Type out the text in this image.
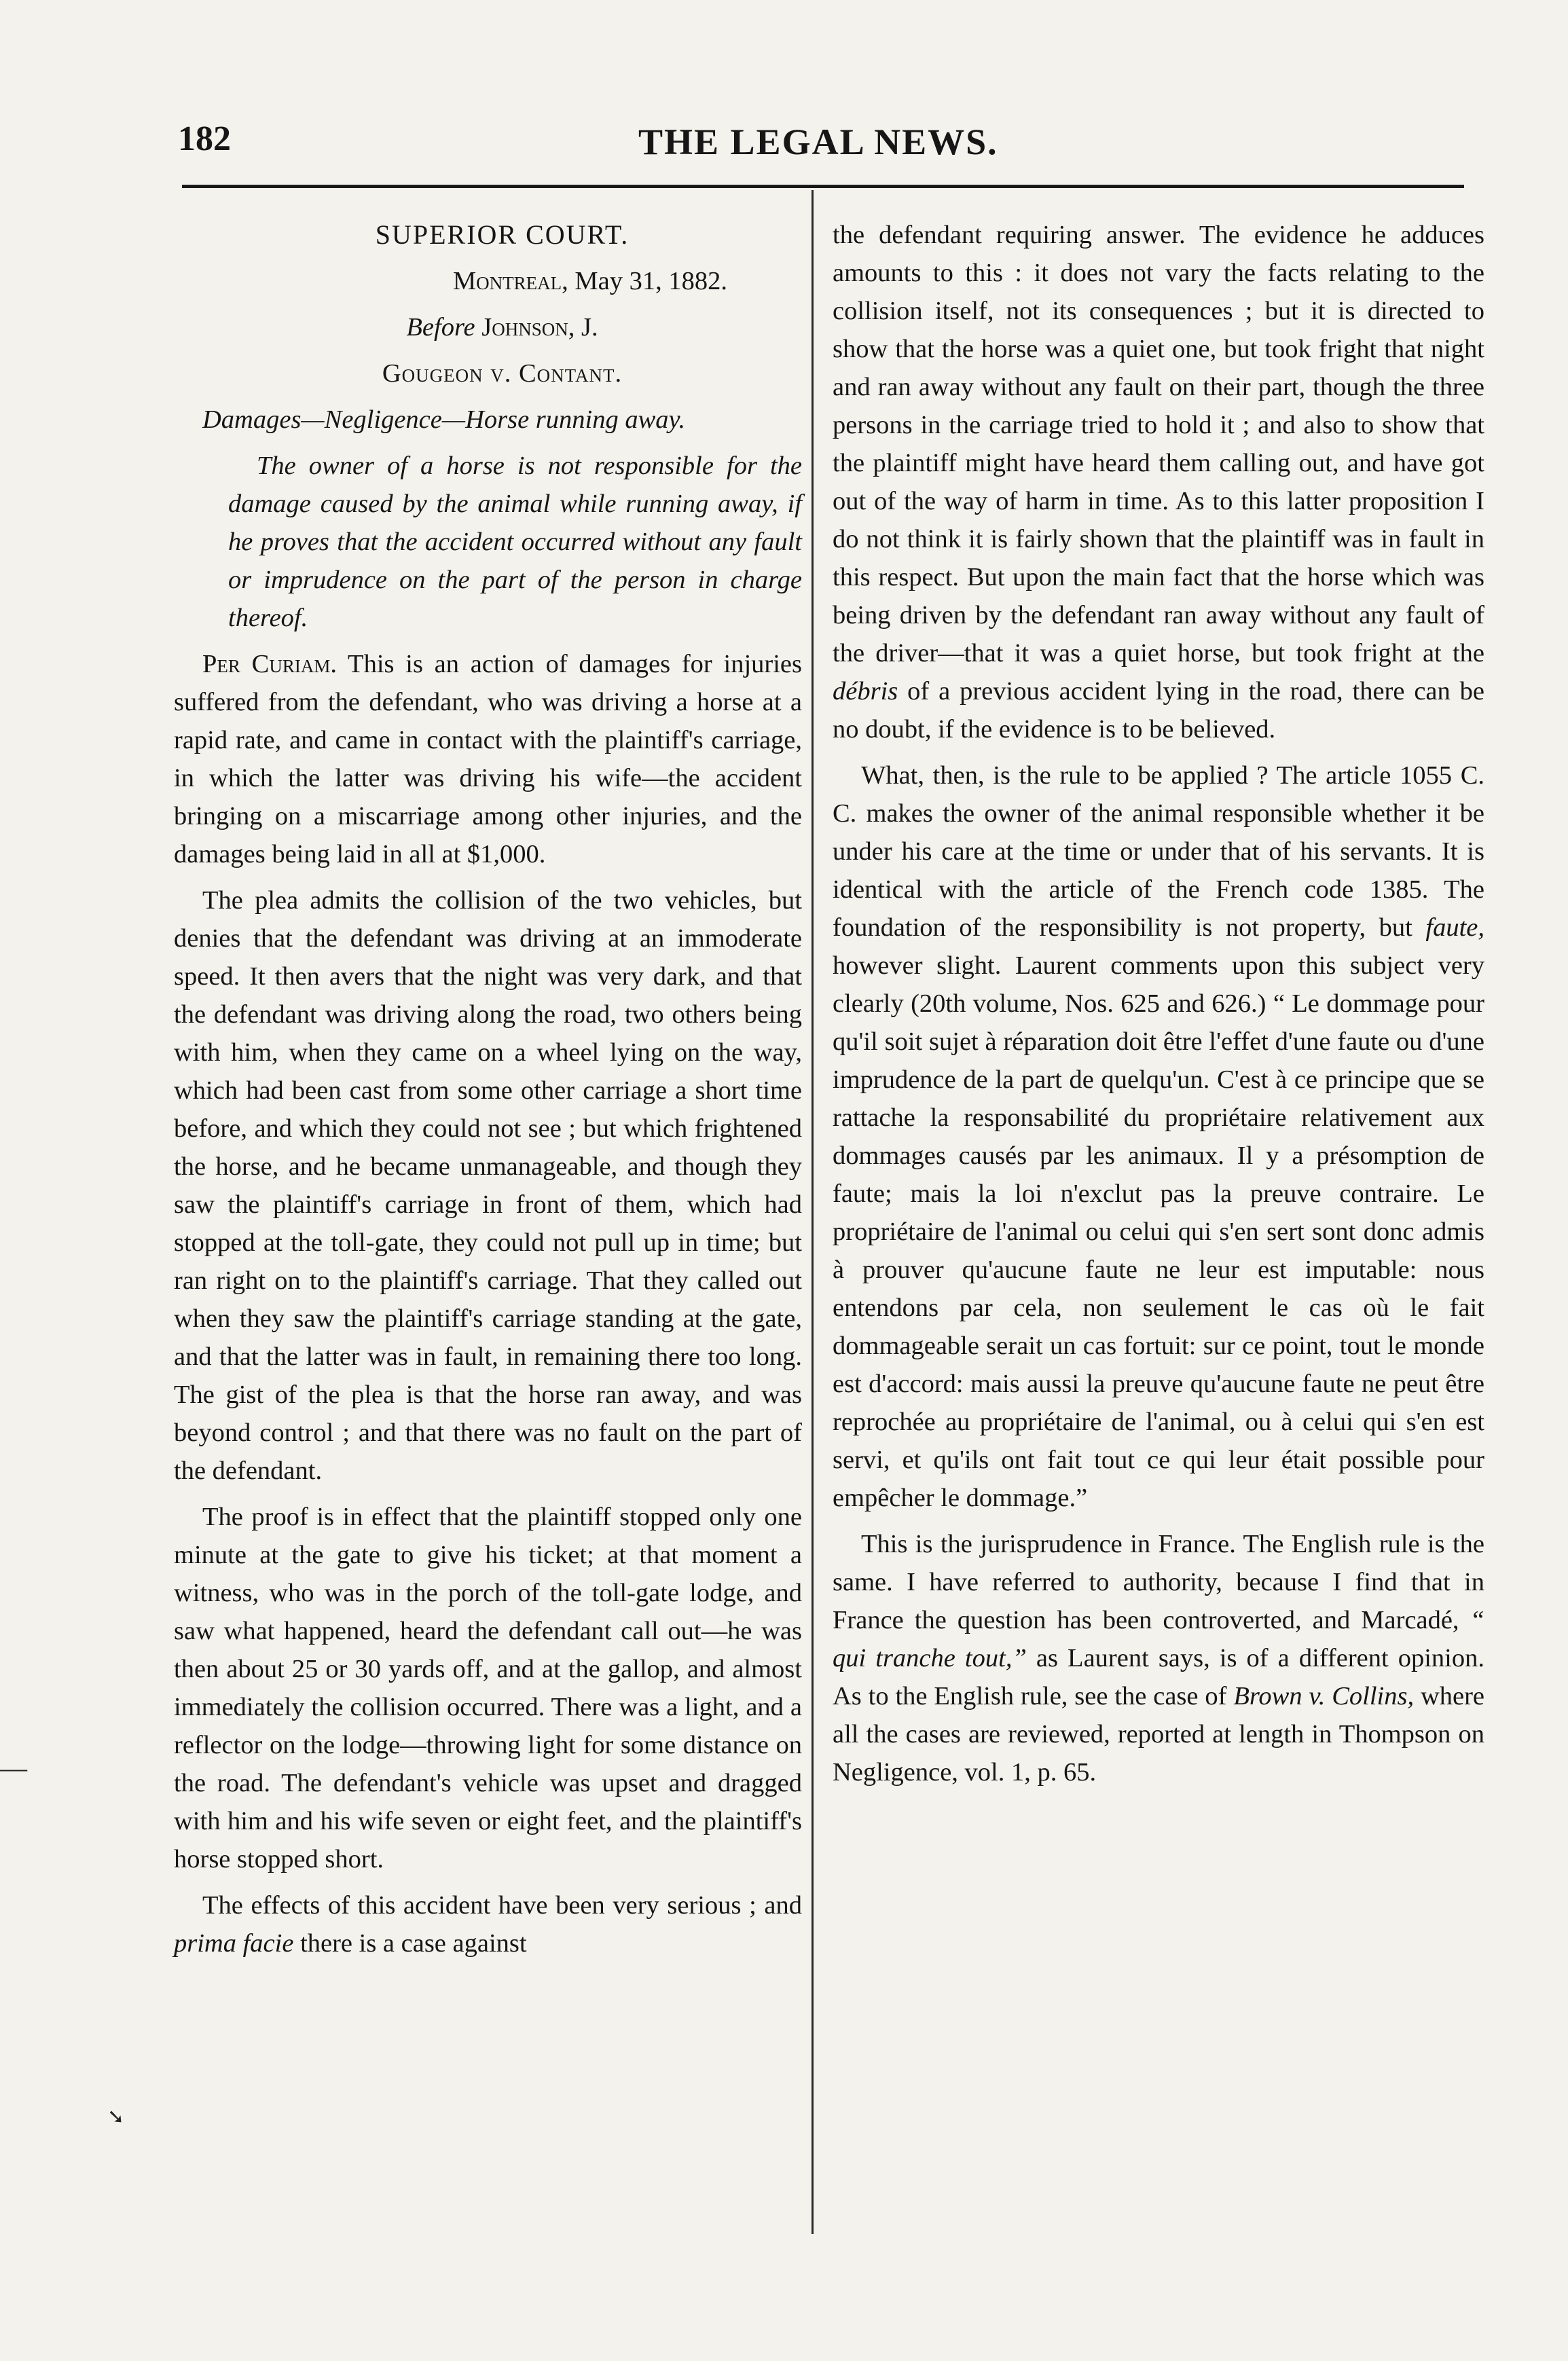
182	THE LEGAL NEWS.
—
➘

SUPERIOR COURT.

Montreal, May 31, 1882.

Before Johnson, J.

Gougeon v. Contant.

Damages—Negligence—Horse running away.

The owner of a horse is not responsible for the damage caused by the animal while running away, if he proves that the accident occurred without any fault or imprudence on the part of the person in charge thereof.

Per Curiam. This is an action of damages for injuries suffered from the defendant, who was driving a horse at a rapid rate, and came in contact with the plaintiff's carriage, in which the latter was driving his wife—the accident bringing on a miscarriage among other injuries, and the damages being laid in all at $1,000.

The plea admits the collision of the two vehicles, but denies that the defendant was driving at an immoderate speed. It then avers that the night was very dark, and that the defendant was driving along the road, two others being with him, when they came on a wheel lying on the way, which had been cast from some other carriage a short time before, and which they could not see ; but which frightened the horse, and he became unmanageable, and though they saw the plaintiff's carriage in front of them, which had stopped at the toll-gate, they could not pull up in time; but ran right on to the plaintiff's carriage. That they called out when they saw the plaintiff's carriage standing at the gate, and that the latter was in fault, in remaining there too long. The gist of the plea is that the horse ran away, and was beyond control ; and that there was no fault on the part of the defendant.

The proof is in effect that the plaintiff stopped only one minute at the gate to give his ticket; at that moment a witness, who was in the porch of the toll-gate lodge, and saw what happened, heard the defendant call out—he was then about 25 or 30 yards off, and at the gallop, and almost immediately the collision occurred. There was a light, and a reflector on the lodge—throwing light for some distance on the road. The defendant's vehicle was upset and dragged with him and his wife seven or eight feet, and the plaintiff's horse stopped short.

The effects of this accident have been very serious ; and prima facie there is a case against

the defendant requiring answer. The evidence he adduces amounts to this : it does not vary the facts relating to the collision itself, not its consequences ; but it is directed to show that the horse was a quiet one, but took fright that night and ran away without any fault on their part, though the three persons in the carriage tried to hold it ; and also to show that the plaintiff might have heard them calling out, and have got out of the way of harm in time. As to this latter proposition I do not think it is fairly shown that the plaintiff was in fault in this respect. But upon the main fact that the horse which was being driven by the defendant ran away without any fault of the driver—that it was a quiet horse, but took fright at the débris of a previous accident lying in the road, there can be no doubt, if the evidence is to be believed.

What, then, is the rule to be applied ? The article 1055 C. C. makes the owner of the animal responsible whether it be under his care at the time or under that of his servants. It is identical with the article of the French code 1385. The foundation of the responsibility is not property, but faute, however slight. Laurent comments upon this subject very clearly (20th volume, Nos. 625 and 626.) “ Le dommage pour qu'il soit sujet à réparation doit être l'effet d'une faute ou d'une imprudence de la part de quelqu'un. C'est à ce principe que se rattache la responsabilité du propriétaire relativement aux dommages causés par les animaux. Il y a présomption de faute; mais la loi n'exclut pas la preuve contraire. Le propriétaire de l'animal ou celui qui s'en sert sont donc admis à prouver qu'aucune faute ne leur est imputable: nous entendons par cela, non seulement le cas où le fait dommageable serait un cas fortuit: sur ce point, tout le monde est d'accord: mais aussi la preuve qu'aucune faute ne peut être reprochée au propriétaire de l'animal, ou à celui qui s'en est servi, et qu'ils ont fait tout ce qui leur était possible pour empêcher le dommage.”

This is the jurisprudence in France. The English rule is the same. I have referred to authority, because I find that in France the question has been controverted, and Marcadé, “ qui tranche tout,” as Laurent says, is of a different opinion. As to the English rule, see the case of Brown v. Collins, where all the cases are reviewed, reported at length in Thompson on Negligence, vol. 1, p. 65.
